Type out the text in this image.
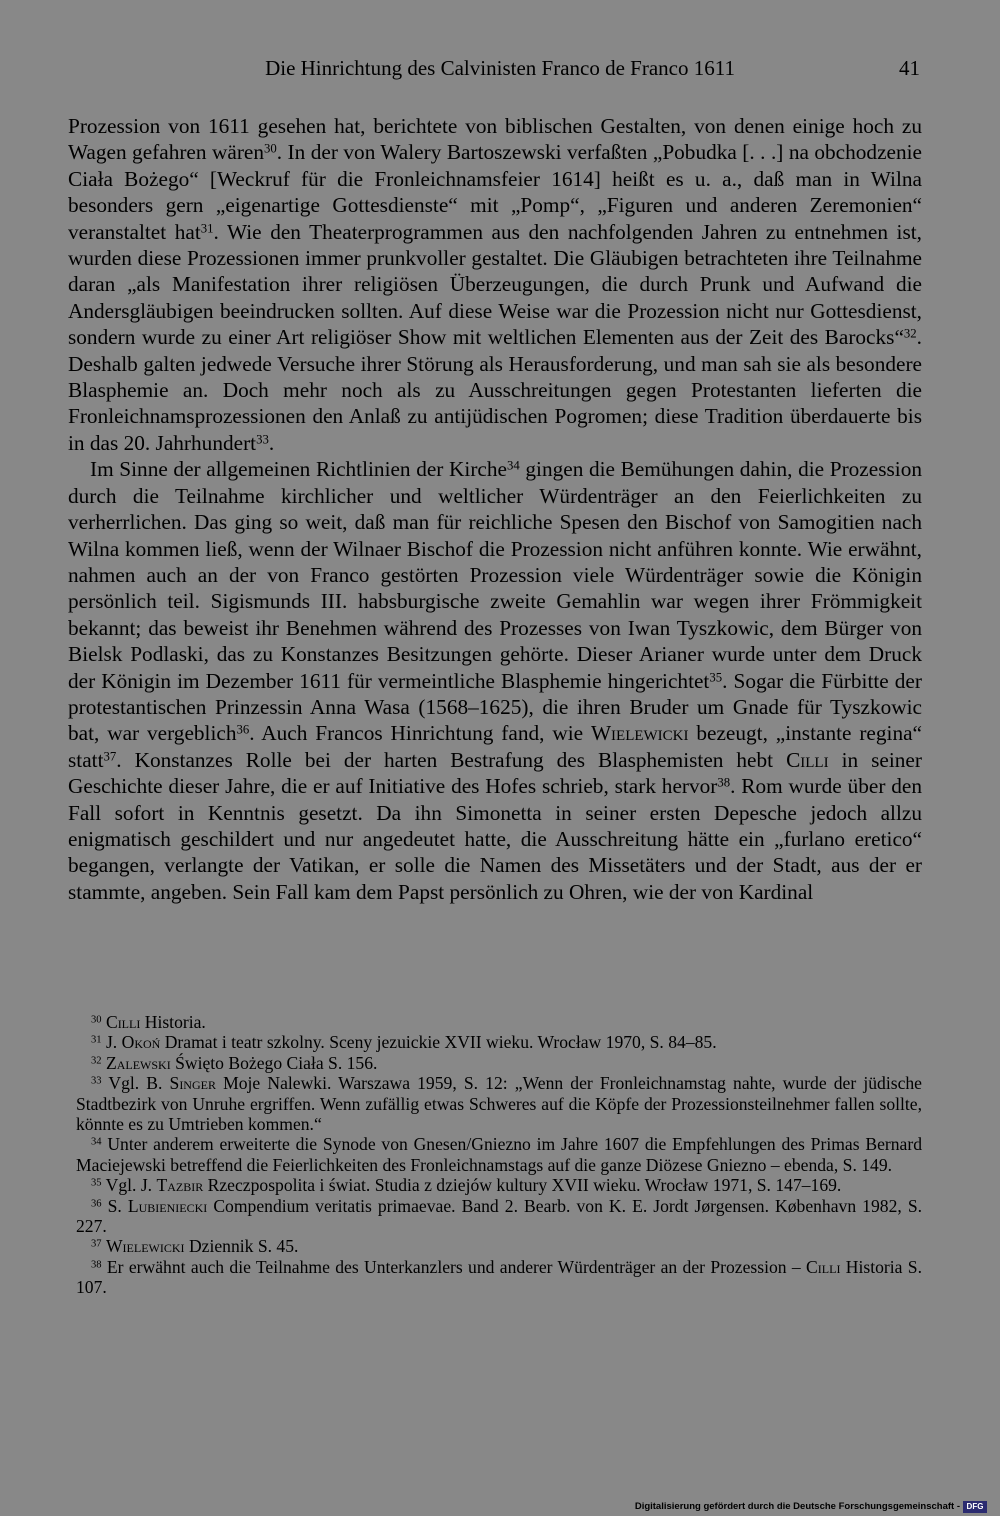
Die Hinrichtung des Calvinisten Franco de Franco 1611	41

Prozession von 1611 gesehen hat, berichtete von biblischen Gestalten, von denen einige hoch zu Wagen gefahren wären$^{30}$. In der von Walery Bartoszewski verfaßten „Pobudka [. . .] na obchodzenie Ciała Bożego“ [Weckruf für die Fronleichnamsfeier 1614] heißt es u. a., daß man in Wilna besonders gern „eigenartige Gottesdienste“ mit „Pomp“, „Figuren und anderen Zeremonien“ veranstaltet hat$^{31}$. Wie den Theaterprogrammen aus den nachfolgenden Jahren zu entnehmen ist, wurden diese Prozessionen immer prunkvoller gestaltet. Die Gläubigen betrachteten ihre Teilnahme daran „als Manifestation ihrer religiösen Überzeugungen, die durch Prunk und Aufwand die Andersgläubigen beeindrucken sollten. Auf diese Weise war die Prozession nicht nur Gottesdienst, sondern wurde zu einer Art religiöser Show mit weltlichen Elementen aus der Zeit des Barocks“$^{32}$. Deshalb galten jedwede Versuche ihrer Störung als Herausforderung, und man sah sie als besondere Blasphemie an. Doch mehr noch als zu Ausschreitungen gegen Protestanten lieferten die Fronleichnamsprozessionen den Anlaß zu antijüdischen Pogromen; diese Tradition überdauerte bis in das 20. Jahrhundert$^{33}$.

Im Sinne der allgemeinen Richtlinien der Kirche$^{34}$ gingen die Bemühungen dahin, die Prozession durch die Teilnahme kirchlicher und weltlicher Würdenträger an den Feierlichkeiten zu verherrlichen. Das ging so weit, daß man für reichliche Spesen den Bischof von Samogitien nach Wilna kommen ließ, wenn der Wilnaer Bischof die Prozession nicht anführen konnte. Wie erwähnt, nahmen auch an der von Franco gestörten Prozession viele Würdenträger sowie die Königin persönlich teil. Sigismunds III. habsburgische zweite Gemahlin war wegen ihrer Frömmigkeit bekannt; das beweist ihr Benehmen während des Prozesses von Iwan Tyszkowic, dem Bürger von Bielsk Podlaski, das zu Konstanzes Besitzungen gehörte. Dieser Arianer wurde unter dem Druck der Königin im Dezember 1611 für vermeintliche Blasphemie hingerichtet$^{35}$. Sogar die Fürbitte der protestantischen Prinzessin Anna Wasa (1568–1625), die ihren Bruder um Gnade für Tyszkowic bat, war vergeblich$^{36}$. Auch Francos Hinrichtung fand, wie Wielewicki bezeugt, „instante regina“ statt$^{37}$. Konstanzes Rolle bei der harten Bestrafung des Blasphemisten hebt Cilli in seiner Geschichte dieser Jahre, die er auf Initiative des Hofes schrieb, stark hervor$^{38}$. Rom wurde über den Fall sofort in Kenntnis gesetzt. Da ihn Simonetta in seiner ersten Depesche jedoch allzu enigmatisch geschildert und nur angedeutet hatte, die Ausschreitung hätte ein „furlano eretico“ begangen, verlangte der Vatikan, er solle die Namen des Missetäters und der Stadt, aus der er stammte, angeben. Sein Fall kam dem Papst persönlich zu Ohren, wie der von Kardinal

$^{30}$ Cilli Historia.

$^{31}$ J. Okoń Dramat i teatr szkolny. Sceny jezuickie XVII wieku. Wrocław 1970, S. 84–85.

$^{32}$ Zalewski Święto Bożego Ciała S. 156.

$^{33}$ Vgl. B. Singer Moje Nalewki. Warszawa 1959, S. 12: „Wenn der Fronleichnamstag nahte, wurde der jüdische Stadtbezirk von Unruhe ergriffen. Wenn zufällig etwas Schweres auf die Köpfe der Prozessionsteilnehmer fallen sollte, könnte es zu Umtrieben kommen.“

$^{34}$ Unter anderem erweiterte die Synode von Gnesen/Gniezno im Jahre 1607 die Empfehlungen des Primas Bernard Maciejewski betreffend die Feierlichkeiten des Fronleichnamstags auf die ganze Diözese Gniezno – ebenda, S. 149.

$^{35}$ Vgl. J. Tazbir Rzeczpospolita i świat. Studia z dziejów kultury XVII wieku. Wrocław 1971, S. 147–169.

$^{36}$ S. Lubieniecki Compendium veritatis primaevae. Band 2. Bearb. von K. E. Jordt Jørgensen. København 1982, S. 227.

$^{37}$ Wielewicki Dziennik S. 45.

$^{38}$ Er erwähnt auch die Teilnahme des Unterkanzlers und anderer Würdenträger an der Prozession – Cilli Historia S. 107.

Digitalisierung gefördert durch die Deutsche Forschungsgemeinschaft - DFG
